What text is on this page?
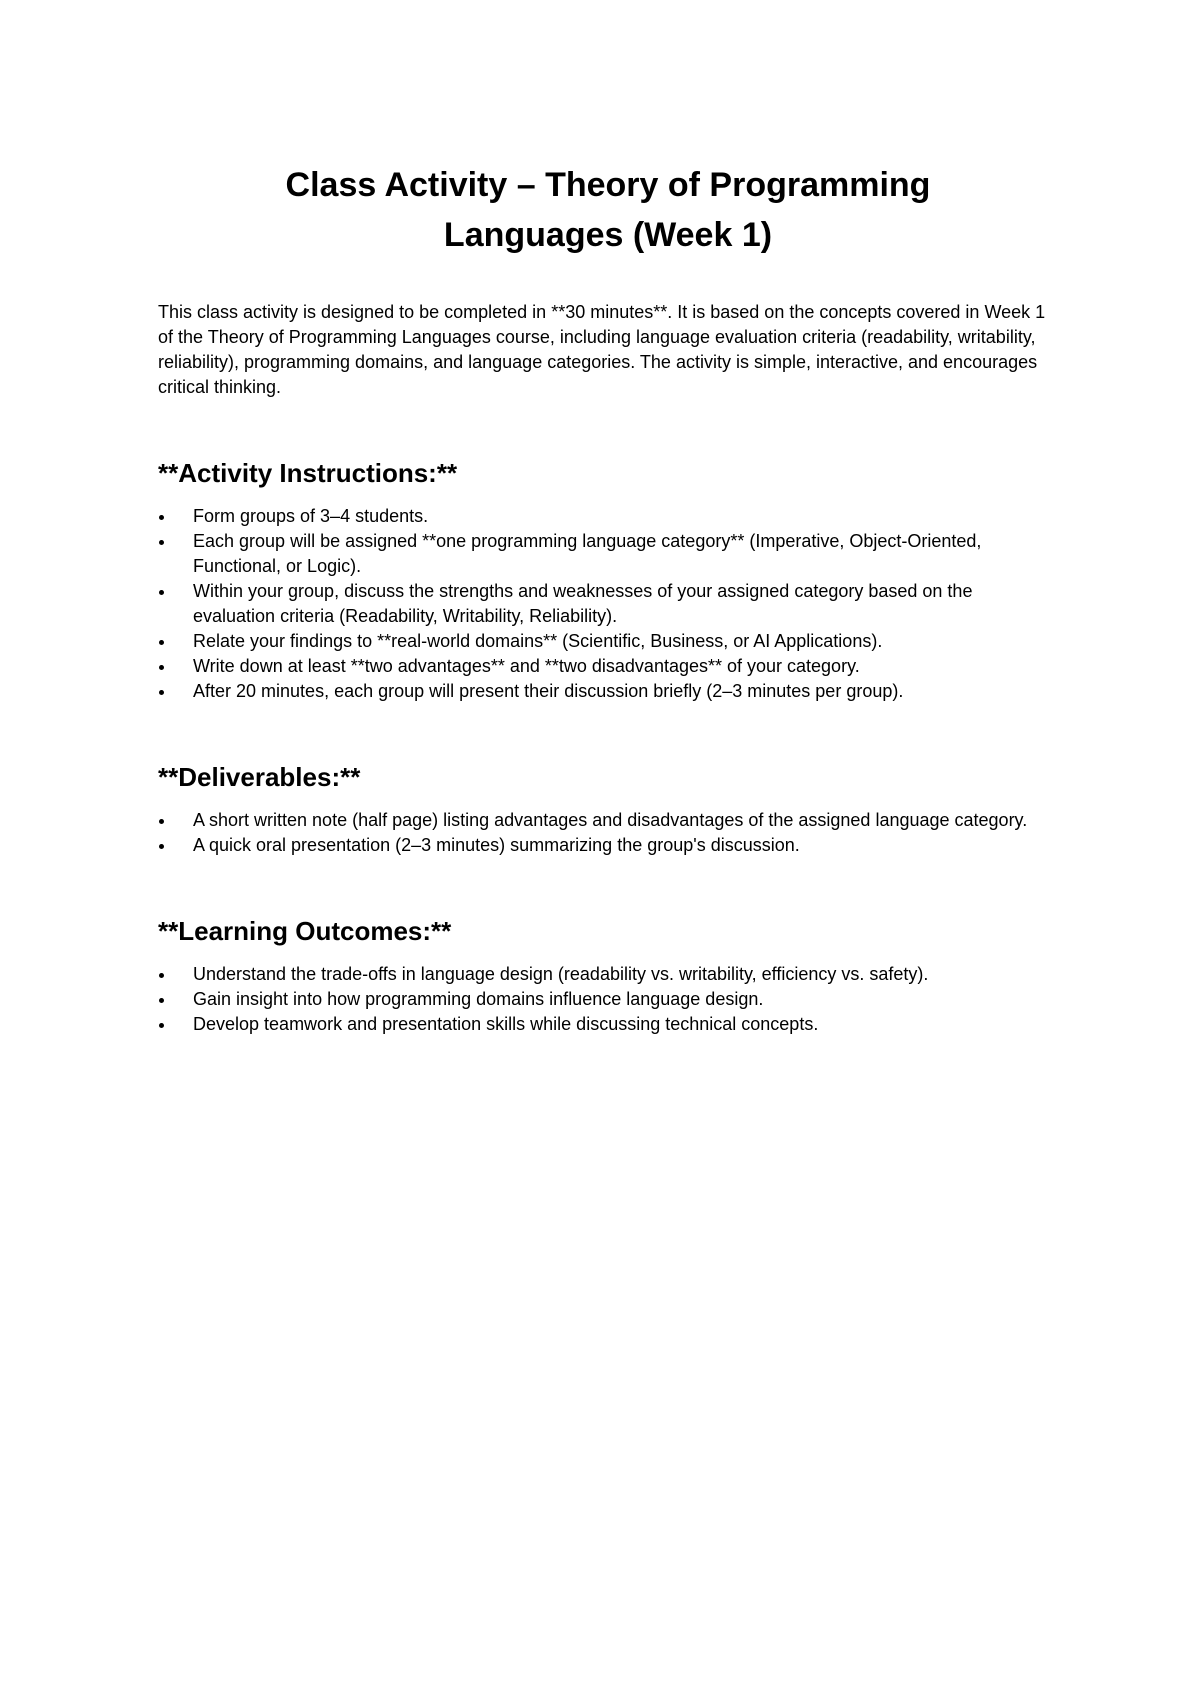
Class Activity – Theory of Programming
Languages (Week 1)

This class activity is designed to be completed in **30 minutes**. It is based on the concepts covered in Week 1 of the Theory of Programming Languages course, including language evaluation criteria (readability, writability, reliability), programming domains, and language categories. The activity is simple, interactive, and encourages critical thinking.

**Activity Instructions:**
Form groups of 3–4 students.
Each group will be assigned **one programming language category** (Imperative, Object-Oriented, Functional, or Logic).
Within your group, discuss the strengths and weaknesses of your assigned category based on the evaluation criteria (Readability, Writability, Reliability).
Relate your findings to **real-world domains** (Scientific, Business, or AI Applications).
Write down at least **two advantages** and **two disadvantages** of your category.
After 20 minutes, each group will present their discussion briefly (2–3 minutes per group).
**Deliverables:**
A short written note (half page) listing advantages and disadvantages of the assigned language category.
A quick oral presentation (2–3 minutes) summarizing the group's discussion.
**Learning Outcomes:**
Understand the trade-offs in language design (readability vs. writability, efficiency vs. safety).
Gain insight into how programming domains influence language design.
Develop teamwork and presentation skills while discussing technical concepts.
